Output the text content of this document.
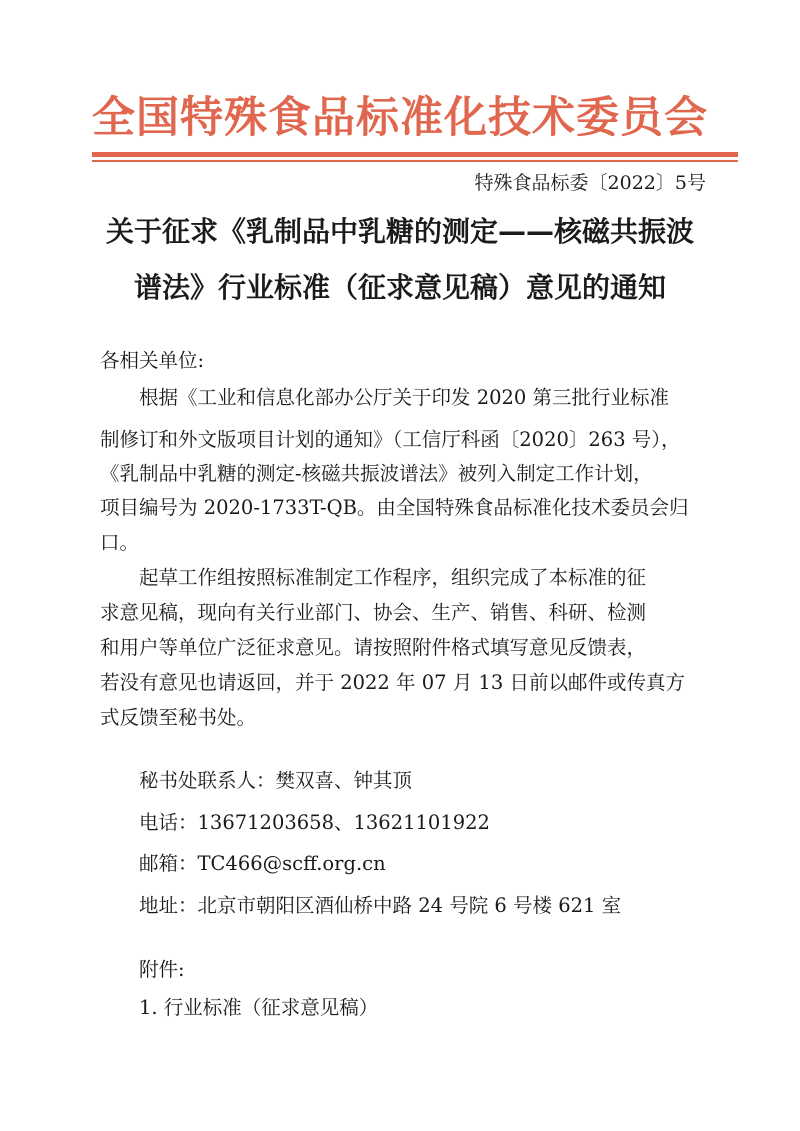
全国特殊食品标准化技术委员会
特殊食品标委〔2022〕5号
关于征求《乳制品中乳糖的测定——核磁共振波
谱法》行业标准（征求意见稿）意见的通知
各相关单位:
根据《工业和信息化部办公厅关于印发 2020 第三批行业标准
制修订和外文版项目计划的通知》（工信厅科函〔2020〕263 号），
《乳制品中乳糖的测定-核磁共振波谱法》被列入制定工作计划，
项目编号为 2020-1733T-QB。由全国特殊食品标准化技术委员会归
口。
起草工作组按照标准制定工作程序，组织完成了本标准的征
求意见稿，现向有关行业部门、协会、生产、销售、科研、检测
和用户等单位广泛征求意见。请按照附件格式填写意见反馈表，
若没有意见也请返回，并于 2022 年 07 月 13 日前以邮件或传真方
式反馈至秘书处。
秘书处联系人：樊双喜、钟其顶
电话：13671203658、13621101922
邮箱：TC466@scff.org.cn
地址：北京市朝阳区酒仙桥中路 24 号院 6 号楼 621 室
附件:
1. 行业标准（征求意见稿）
